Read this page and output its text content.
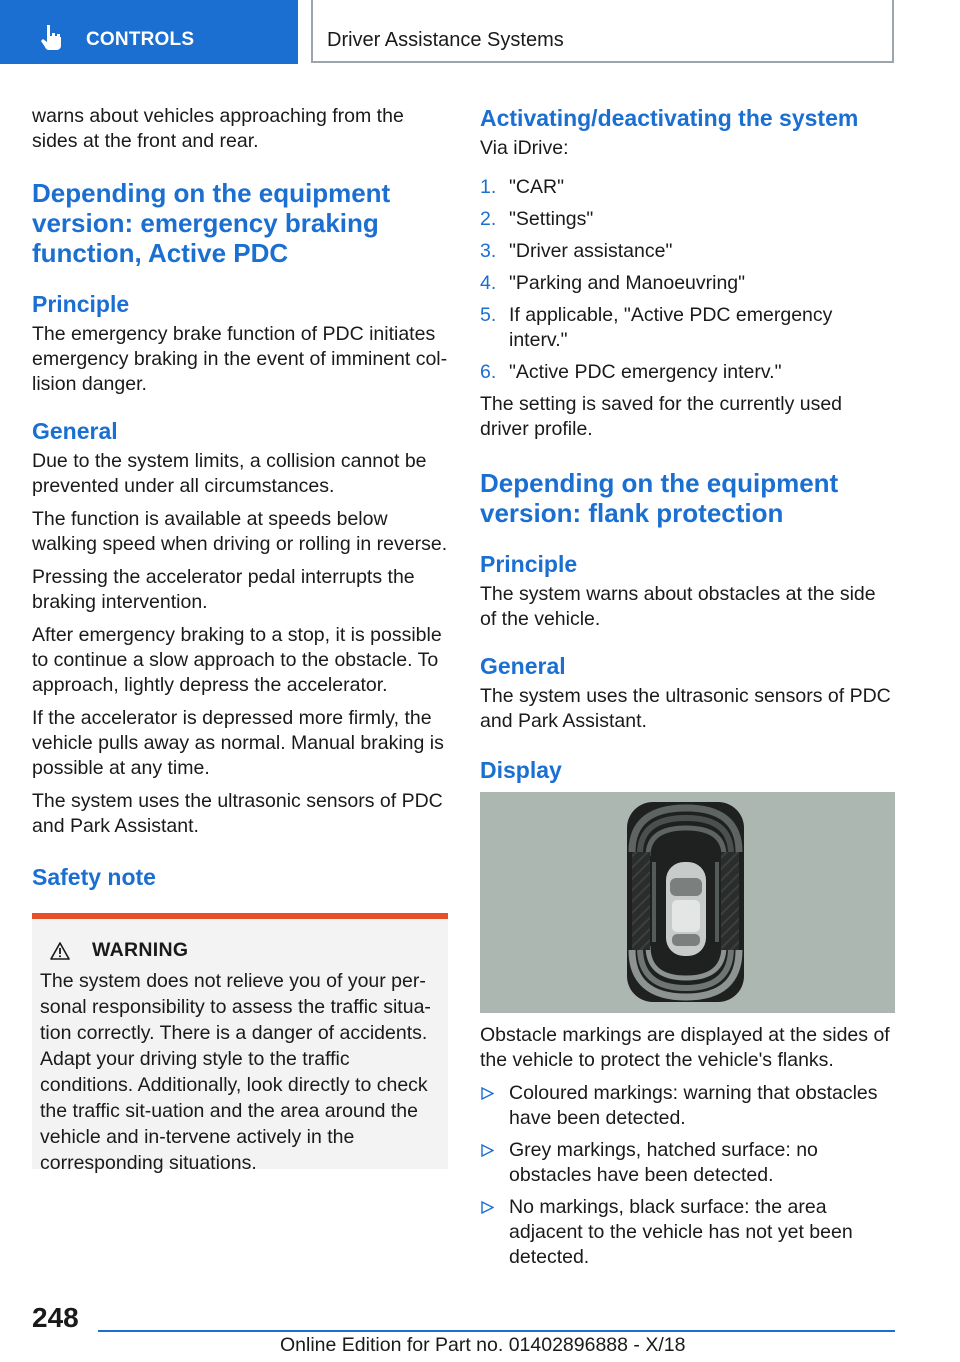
CONTROLS	Driver Assistance Systems

warns about vehicles approaching from the sides at the front and rear.

Depending on the equipment version: emergency braking function, Active PDC
Principle

The emergency brake function of PDC initiates emergency braking in the event of imminent col-lision danger.

General

Due to the system limits, a collision cannot be prevented under all circumstances.

The function is available at speeds below walking speed when driving or rolling in reverse.

Pressing the accelerator pedal interrupts the braking intervention.

After emergency braking to a stop, it is possible to continue a slow approach to the obstacle. To approach, lightly depress the accelerator.

If the accelerator is depressed more firmly, the vehicle pulls away as normal. Manual braking is possible at any time.

The system uses the ultrasonic sensors of PDC and Park Assistant.

Safety note
WARNING

The system does not relieve you of your per-sonal responsibility to assess the traffic situa-tion correctly. There is a danger of accidents. Adapt your driving style to the traffic conditions. Additionally, look directly to check the traffic sit-uation and the area around the vehicle and in-tervene actively in the corresponding situations.

Activating/deactivating the system

Via iDrive:

1. "CAR"
2. "Settings"
3. "Driver assistance"
4. "Parking and Manoeuvring"
5. If applicable, "Active PDC emergency interv."
6. "Active PDC emergency interv."

The setting is saved for the currently used driver profile.

Depending on the equipment version: flank protection
Principle

The system warns about obstacles at the side of the vehicle.

General

The system uses the ultrasonic sensors of PDC and Park Assistant.

Display

Obstacle markings are displayed at the sides of the vehicle to protect the vehicle's flanks.

Coloured markings: warning that obstacles have been detected.
Grey markings, hatched surface: no obstacles have been detected.
No markings, black surface: the area adjacent to the vehicle has not yet been detected.
248
Online Edition for Part no. 01402896888 - X/18
